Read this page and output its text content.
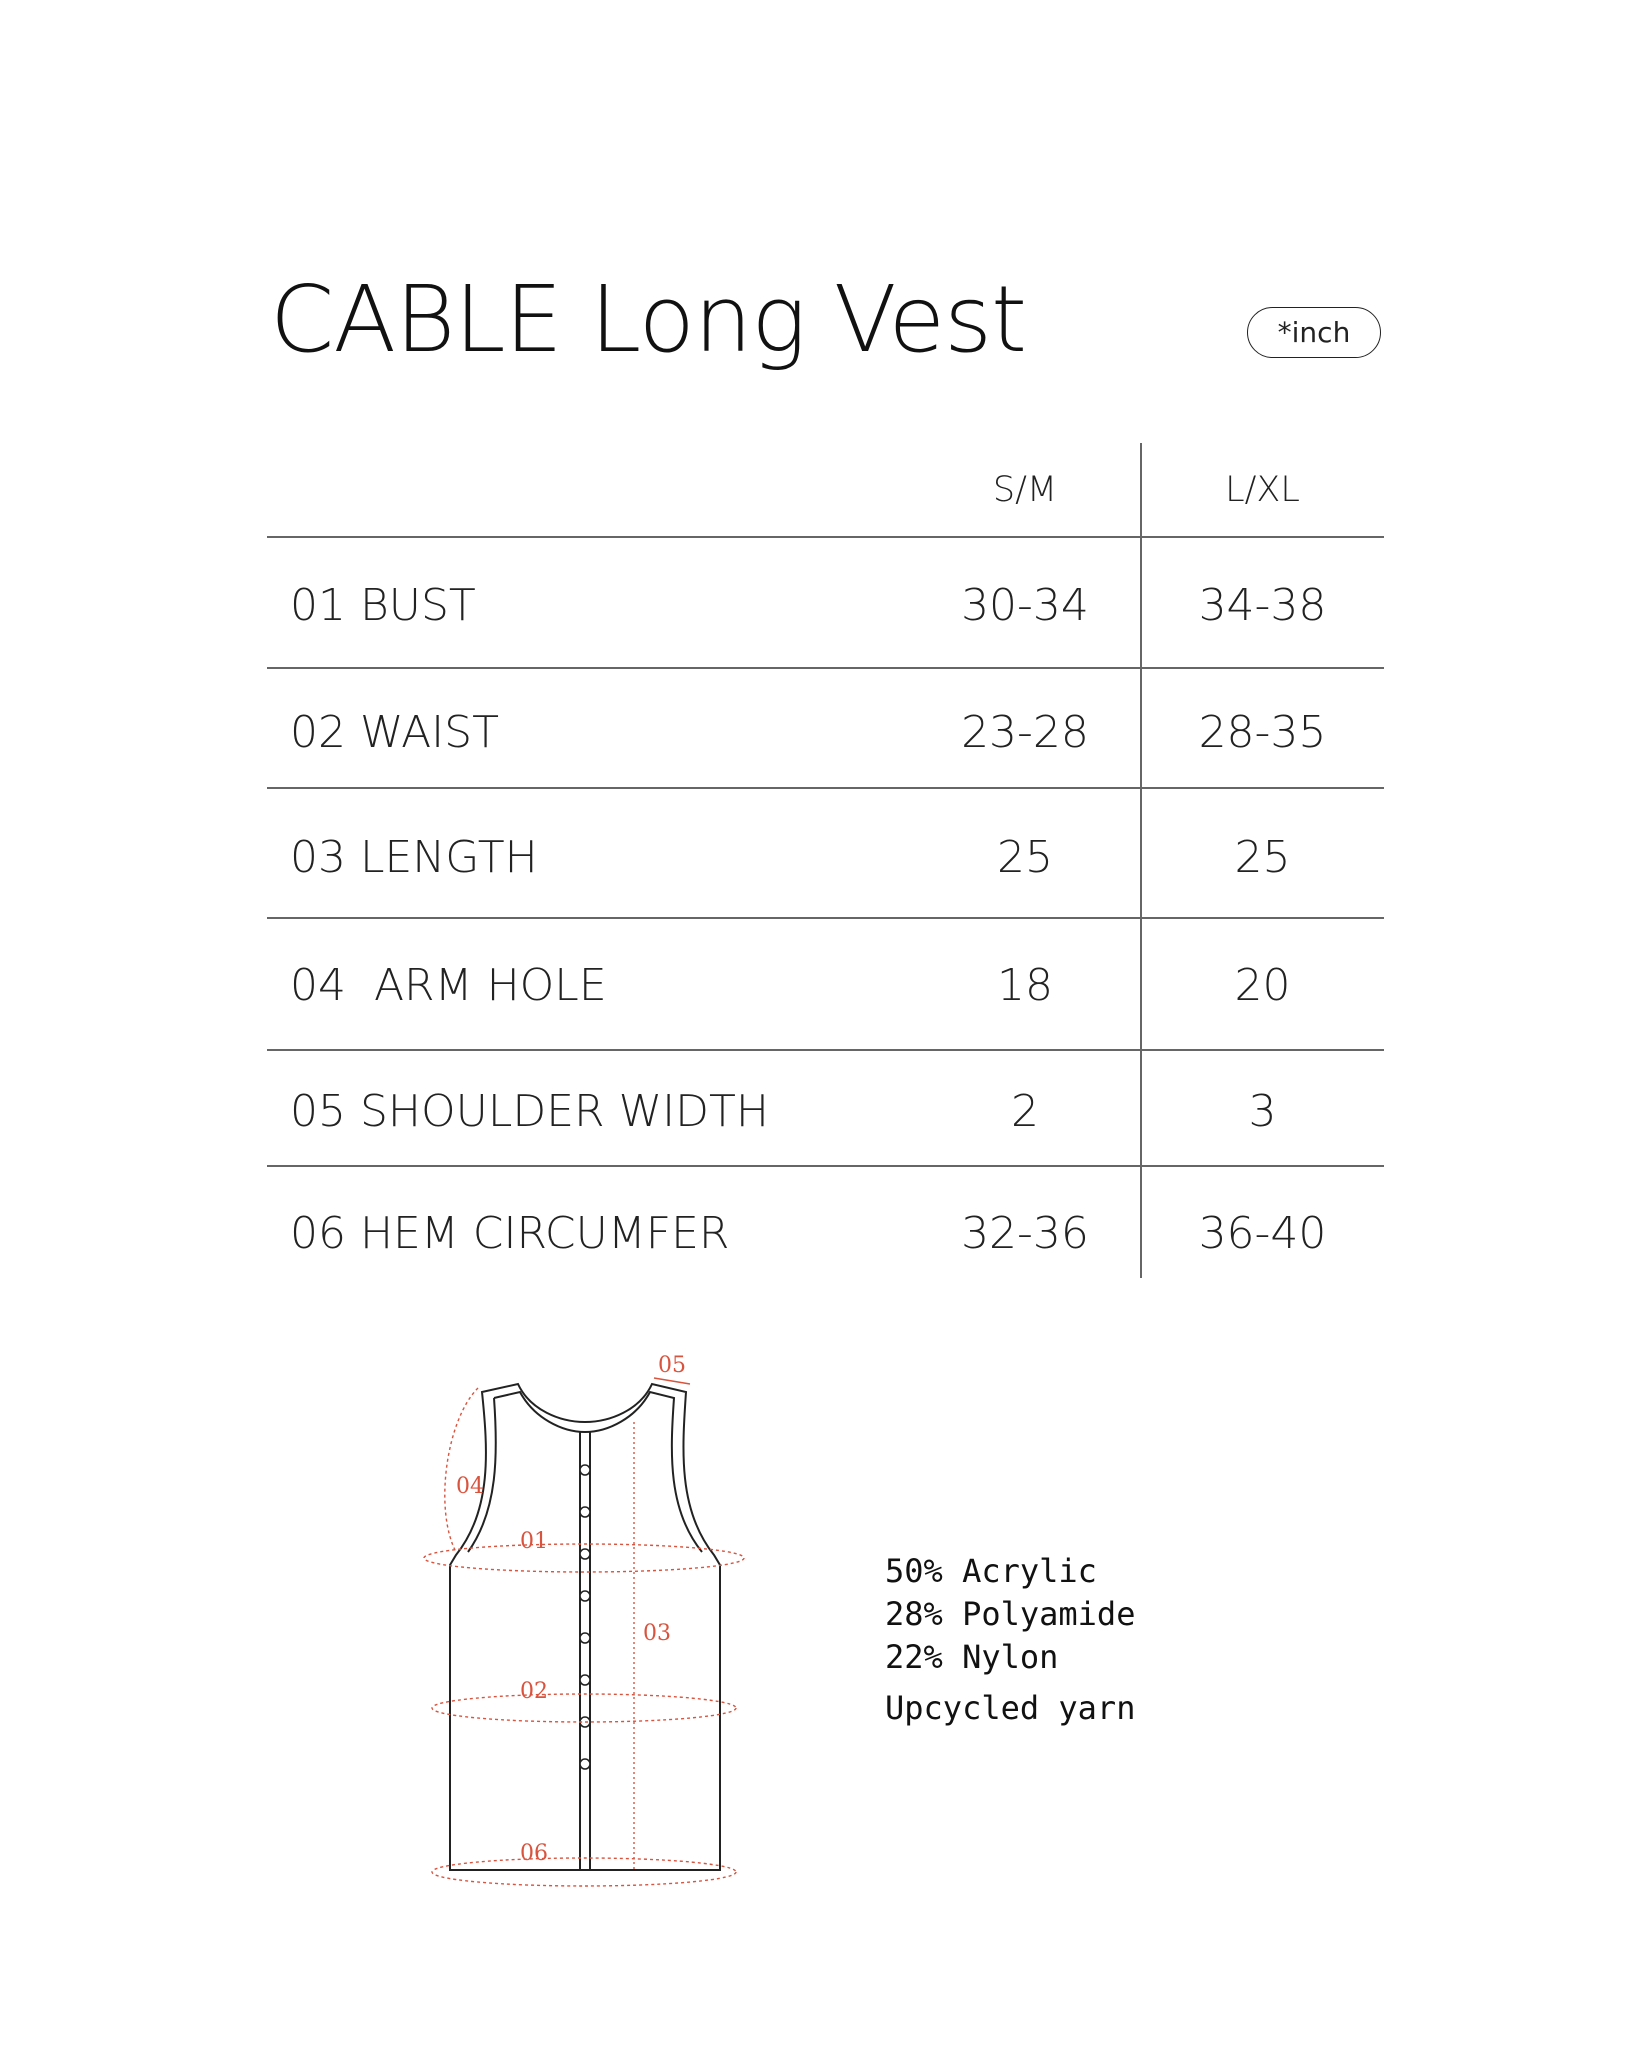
CABLE Long Vest	*inch
S/M	L/XL
01 BUST	30-34	34-38
02 WAIST	23-28	28-35
03 LENGTH	25	25
04  ARM HOLE	18	20
05 SHOULDER WIDTH	2	3
06 HEM CIRCUMFER	32-36	36-40
04
01
03
02
06
05
50% Acrylic
28% Polyamide
22% Nylon
Upcycled yarn
